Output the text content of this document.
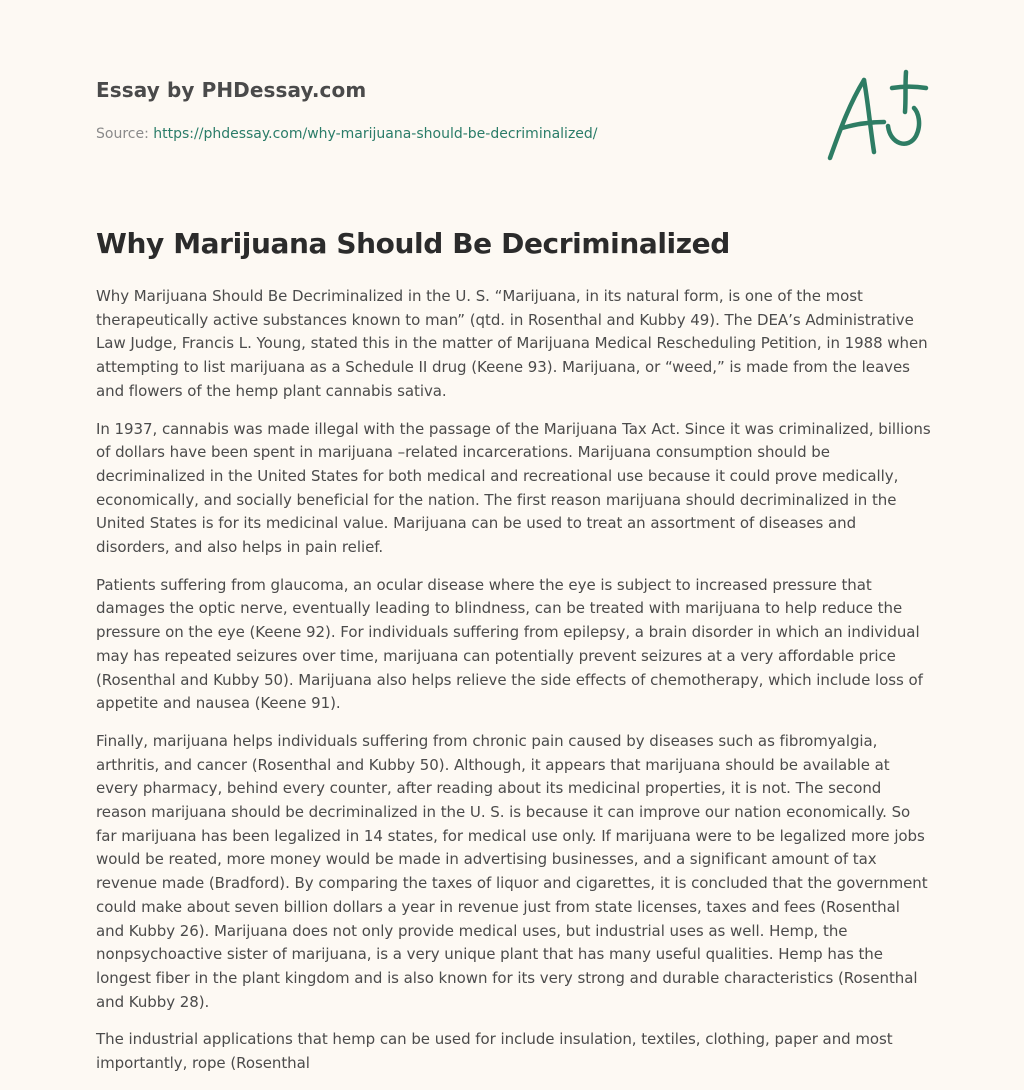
Essay by PHDessay.com
Source: https://phdessay.com/why-marijuana-should-be-decriminalized/
Why Marijuana Should Be Decriminalized

Why Marijuana Should Be Decriminalized in the U. S. “Marijuana, in its natural form, is one of the most therapeutically active substances known to man” (qtd. in Rosenthal and Kubby 49). The DEA’s Administrative Law Judge, Francis L. Young, stated this in the matter of Marijuana Medical Rescheduling Petition, in 1988 when attempting to list marijuana as a Schedule II drug (Keene 93). Marijuana, or “weed,” is made from the leaves and flowers of the hemp plant cannabis sativa.

In 1937, cannabis was made illegal with the passage of the Marijuana Tax Act. Since it was criminalized, billions of dollars have been spent in marijuana –related incarcerations. Marijuana consumption should be decriminalized in the United States for both medical and recreational use because it could prove medically, economically, and socially beneficial for the nation. The first reason marijuana should decriminalized in the United States is for its medicinal value. Marijuana can be used to treat an assortment of diseases and disorders, and also helps in pain relief.

Patients suffering from glaucoma, an ocular disease where the eye is subject to increased pressure that damages the optic nerve, eventually leading to blindness, can be treated with marijuana to help reduce the pressure on the eye (Keene 92). For individuals suffering from epilepsy, a brain disorder in which an individual may has repeated seizures over time, marijuana can potentially prevent seizures at a very affordable price (Rosenthal and Kubby 50). Marijuana also helps relieve the side effects of chemotherapy, which include loss of appetite and nausea (Keene 91).

Finally, marijuana helps individuals suffering from chronic pain caused by diseases such as fibromyalgia, arthritis, and cancer (Rosenthal and Kubby 50). Although, it appears that marijuana should be available at every pharmacy, behind every counter, after reading about its medicinal properties, it is not. The second reason marijuana should be decriminalized in the U. S. is because it can improve our nation economically. So far marijuana has been legalized in 14 states, for medical use only. If marijuana were to be legalized more jobs would be reated, more money would be made in advertising businesses, and a significant amount of tax revenue made (Bradford). By comparing the taxes of liquor and cigarettes, it is concluded that the government could make about seven billion dollars a year in revenue just from state licenses, taxes and fees (Rosenthal and Kubby 26). Marijuana does not only provide medical uses, but industrial uses as well. Hemp, the nonpsychoactive sister of marijuana, is a very unique plant that has many useful qualities. Hemp has the longest fiber in the plant kingdom and is also known for its very strong and durable characteristics (Rosenthal and Kubby 28).

The industrial applications that hemp can be used for include insulation, textiles, clothing, paper and most importantly, rope (Rosenthal
